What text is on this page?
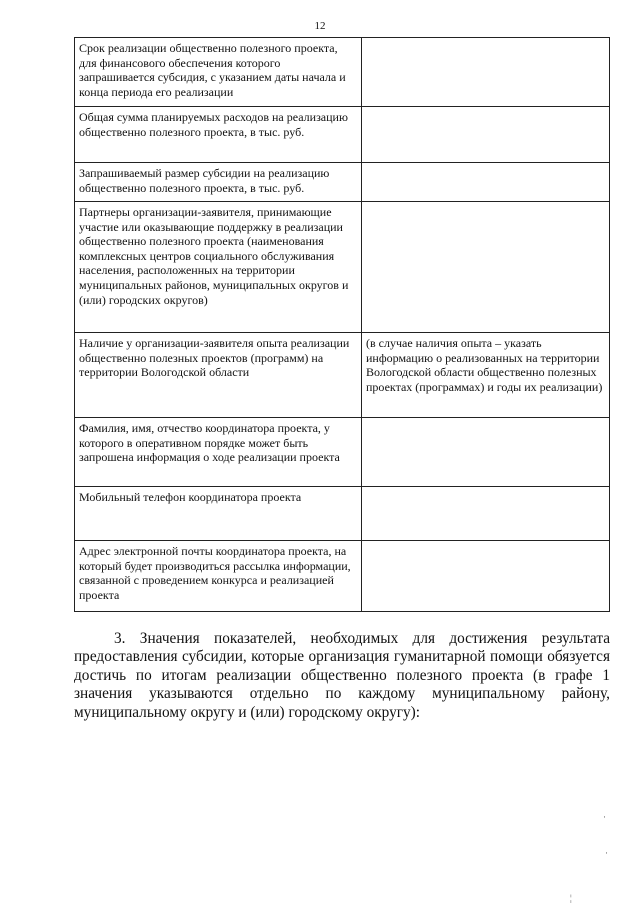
12
Срок реализации общественно полезного проекта, для финансового обеспечения которого запрашивается субсидия, с указанием даты начала и конца периода его реализации	
Общая сумма планируемых расходов на реализацию общественно полезного проекта, в тыс. руб.	
Запрашиваемый размер субсидии на реализацию общественно полезного проекта, в тыс. руб.	
Партнеры организации-заявителя, принимающие участие или оказывающие поддержку в реализации общественно полезного проекта (наименования комплексных центров социального обслуживания населения, расположенных на территории муниципальных районов, муниципальных округов и (или) городских округов)	
Наличие у организации-заявителя опыта реализации общественно полезных проектов (программ) на территории Вологодской области	(в случае наличия опыта – указать информацию о реализованных на территории Вологодской области общественно полезных проектах (программах) и годы их реализации)
Фамилия, имя, отчество координатора проекта, у которого в оперативном порядке может быть запрошена информация о ходе реализации проекта	
Мобильный телефон координатора проекта	
Адрес электронной почты координатора проекта, на который будет производиться рассылка информации, связанной с проведением конкурса и реализацией проекта	

3. Значения показателей, необходимых для достижения результата предоставления субсидии, которые организация гуманитарной помощи обязуется достичь по итогам реализации общественно полезного проекта (в графе 1 значения указываются отдельно по каждому муниципальному району, муниципальному округу и (или) городскому округу):

·
·
¦
